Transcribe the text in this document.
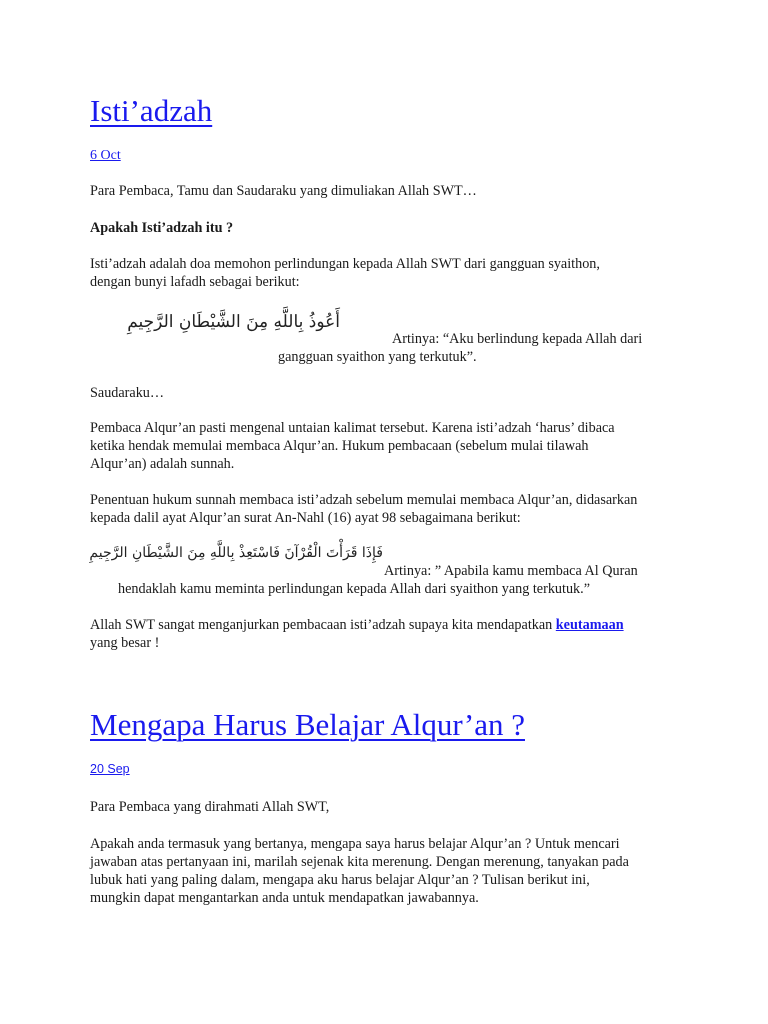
Isti’adzah
6 Oct
Para Pembaca, Tamu dan Saudaraku yang dimuliakan Allah SWT…
Apakah Isti’adzah itu ?
Isti’adzah adalah doa memohon perlindungan kepada Allah SWT dari gangguan syaithon,
dengan bunyi lafadh sebagai berikut:
أَعُوذُ بِاللَّهِ مِنَ الشَّيْطَانِ الرَّجِيمِ
Artinya: “Aku berlindung kepada Allah dari
gangguan syaithon yang terkutuk”.
Saudaraku…
Pembaca Alqur’an pasti mengenal untaian kalimat tersebut. Karena isti’adzah ‘harus’ dibaca
ketika hendak memulai membaca Alqur’an. Hukum pembacaan (sebelum mulai tilawah
Alqur’an) adalah sunnah.
Penentuan hukum sunnah membaca isti’adzah sebelum memulai membaca Alqur’an, didasarkan
kepada dalil ayat Alqur’an surat An-Nahl (16) ayat 98 sebagaimana berikut:
فَإِذَا قَرَأْتَ الْقُرْآنَ فَاسْتَعِذْ بِاللَّهِ مِنَ الشَّيْطَانِ الرَّجِيمِ
Artinya: ” Apabila kamu membaca Al Quran
hendaklah kamu meminta perlindungan kepada Allah dari syaithon yang terkutuk.”
Allah SWT sangat menganjurkan pembacaan isti’adzah supaya kita mendapatkan keutamaan
yang besar !
Mengapa Harus Belajar Alqur’an ?
20 Sep
Para Pembaca yang dirahmati Allah SWT,
Apakah anda termasuk yang bertanya, mengapa saya harus belajar Alqur’an ? Untuk mencari
jawaban atas pertanyaan ini, marilah sejenak kita merenung. Dengan merenung, tanyakan pada
lubuk hati yang paling dalam, mengapa aku harus belajar Alqur’an ? Tulisan berikut ini,
mungkin dapat mengantarkan anda untuk mendapatkan jawabannya.
